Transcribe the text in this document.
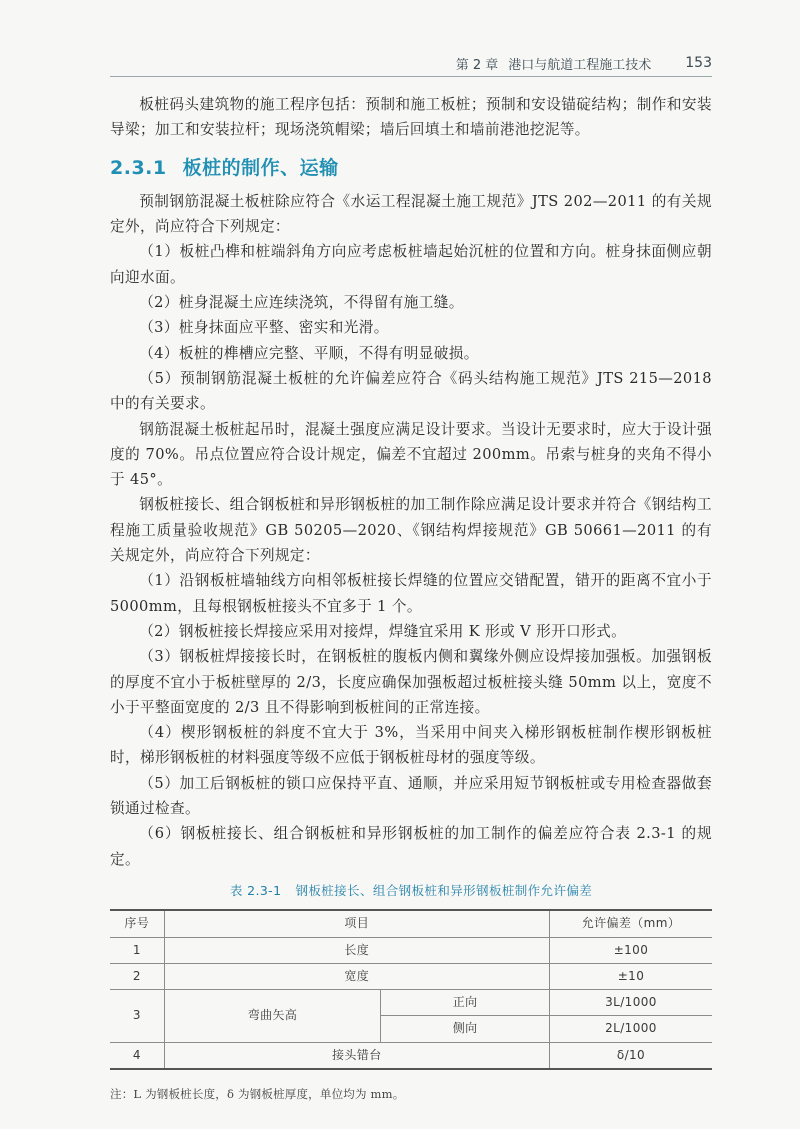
第 2 章 港口与航道工程施工技术 153

板桩码头建筑物的施工程序包括：预制和施工板桩；预制和安设锚碇结构；制作和安装导梁；加工和安装拉杆；现场浇筑帽梁；墙后回填土和墙前港池挖泥等。

2.3.1 板桩的制作、运输

预制钢筋混凝土板桩除应符合《水运工程混凝土施工规范》JTS 202—2011 的有关规定外，尚应符合下列规定：

（1）板桩凸榫和桩端斜角方向应考虑板桩墙起始沉桩的位置和方向。桩身抹面侧应朝向迎水面。

（2）桩身混凝土应连续浇筑，不得留有施工缝。

（3）桩身抹面应平整、密实和光滑。

（4）板桩的榫槽应完整、平顺，不得有明显破损。

（5）预制钢筋混凝土板桩的允许偏差应符合《码头结构施工规范》JTS 215—2018 中的有关要求。

钢筋混凝土板桩起吊时，混凝土强度应满足设计要求。当设计无要求时，应大于设计强度的 70%。吊点位置应符合设计规定，偏差不宜超过 200mm。吊索与桩身的夹角不得小于 45°。

钢板桩接长、组合钢板桩和异形钢板桩的加工制作除应满足设计要求并符合《钢结构工程施工质量验收规范》GB 50205—2020、《钢结构焊接规范》GB 50661—2011 的有关规定外，尚应符合下列规定：

（1）沿钢板桩墙轴线方向相邻板桩接长焊缝的位置应交错配置，错开的距离不宜小于 5000mm，且每根钢板桩接头不宜多于 1 个。

（2）钢板桩接长焊接应采用对接焊，焊缝宜采用 K 形或 V 形开口形式。

（3）钢板桩焊接接长时，在钢板桩的腹板内侧和翼缘外侧应设焊接加强板。加强钢板的厚度不宜小于板桩壁厚的 2/3，长度应确保加强板超过板桩接头缝 50mm 以上，宽度不小于平整面宽度的 2/3 且不得影响到板桩间的正常连接。

（4）楔形钢板桩的斜度不宜大于 3%，当采用中间夹入梯形钢板桩制作楔形钢板桩时，梯形钢板桩的材料强度等级不应低于钢板桩母材的强度等级。

（5）加工后钢板桩的锁口应保持平直、通顺，并应采用短节钢板桩或专用检查器做套锁通过检查。

（6）钢板桩接长、组合钢板桩和异形钢板桩的加工制作的偏差应符合表 2.3-1 的规定。

表 2.3-1 钢板桩接长、组合钢板桩和异形钢板桩制作允许偏差
序号	项目		允许偏差（mm）
1	长度		±100
2	宽度		±10
3	弯曲矢高	正向	3L/1000
		侧向	2L/1000
4	接头错台		δ/10
注：L 为钢板桩长度，δ 为钢板桩厚度，单位均为 mm。
